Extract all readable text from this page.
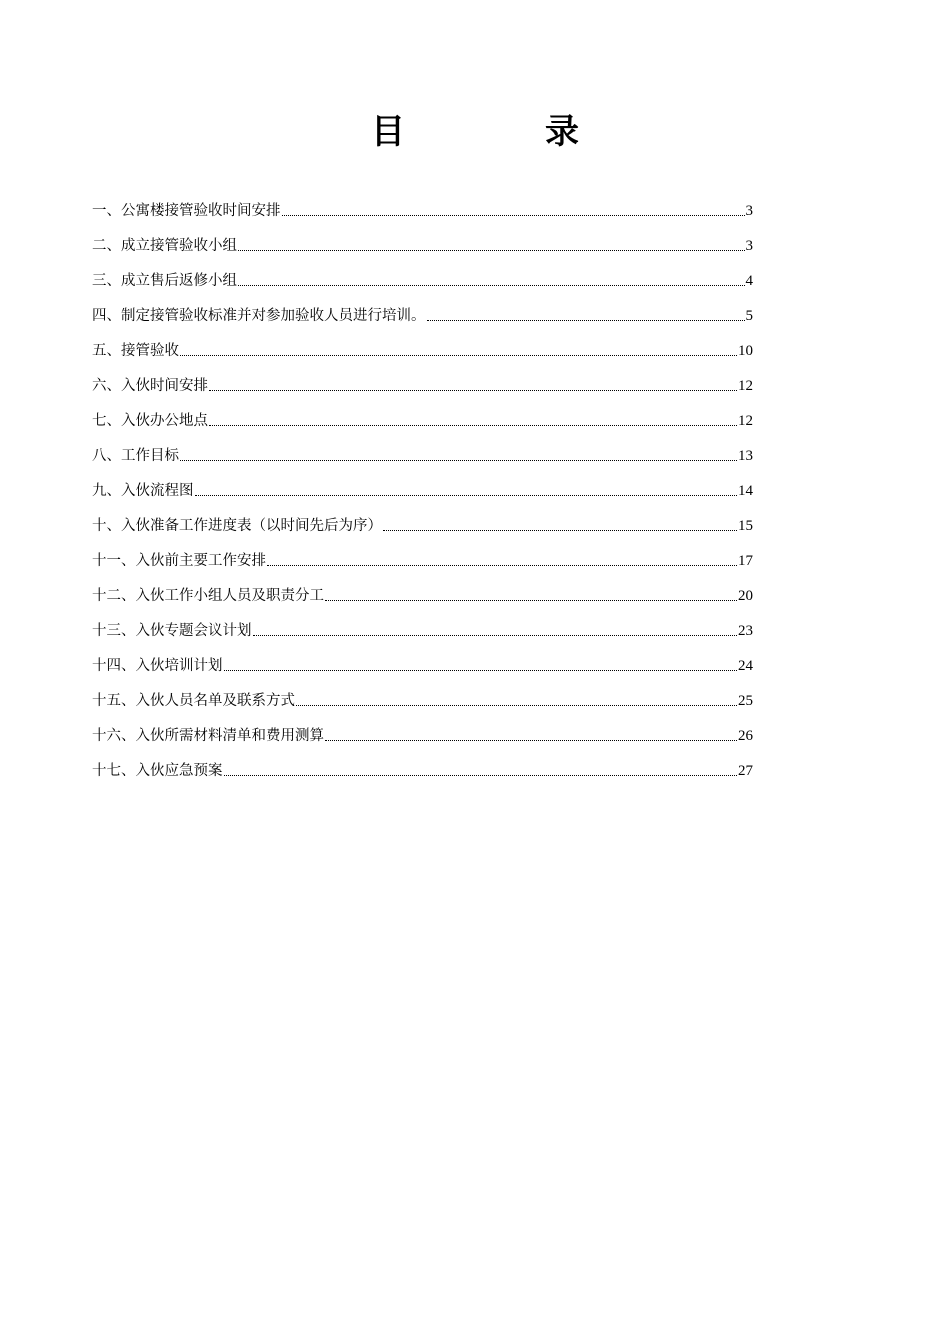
目	录
一、公寓楼接管验收时间安排	3
二、成立接管验收小组	3
三、成立售后返修小组	4
四、制定接管验收标准并对参加验收人员进行培训。	5
五、接管验收	10
六、入伙时间安排	12
七、入伙办公地点	12
八、工作目标	13
九、入伙流程图	14
十、入伙准备工作进度表（以时间先后为序）	15
十一、入伙前主要工作安排	17
十二、入伙工作小组人员及职责分工	20
十三、入伙专题会议计划	23
十四、入伙培训计划	24
十五、入伙人员名单及联系方式	25
十六、入伙所需材料清单和费用测算	26
十七、入伙应急预案	27
